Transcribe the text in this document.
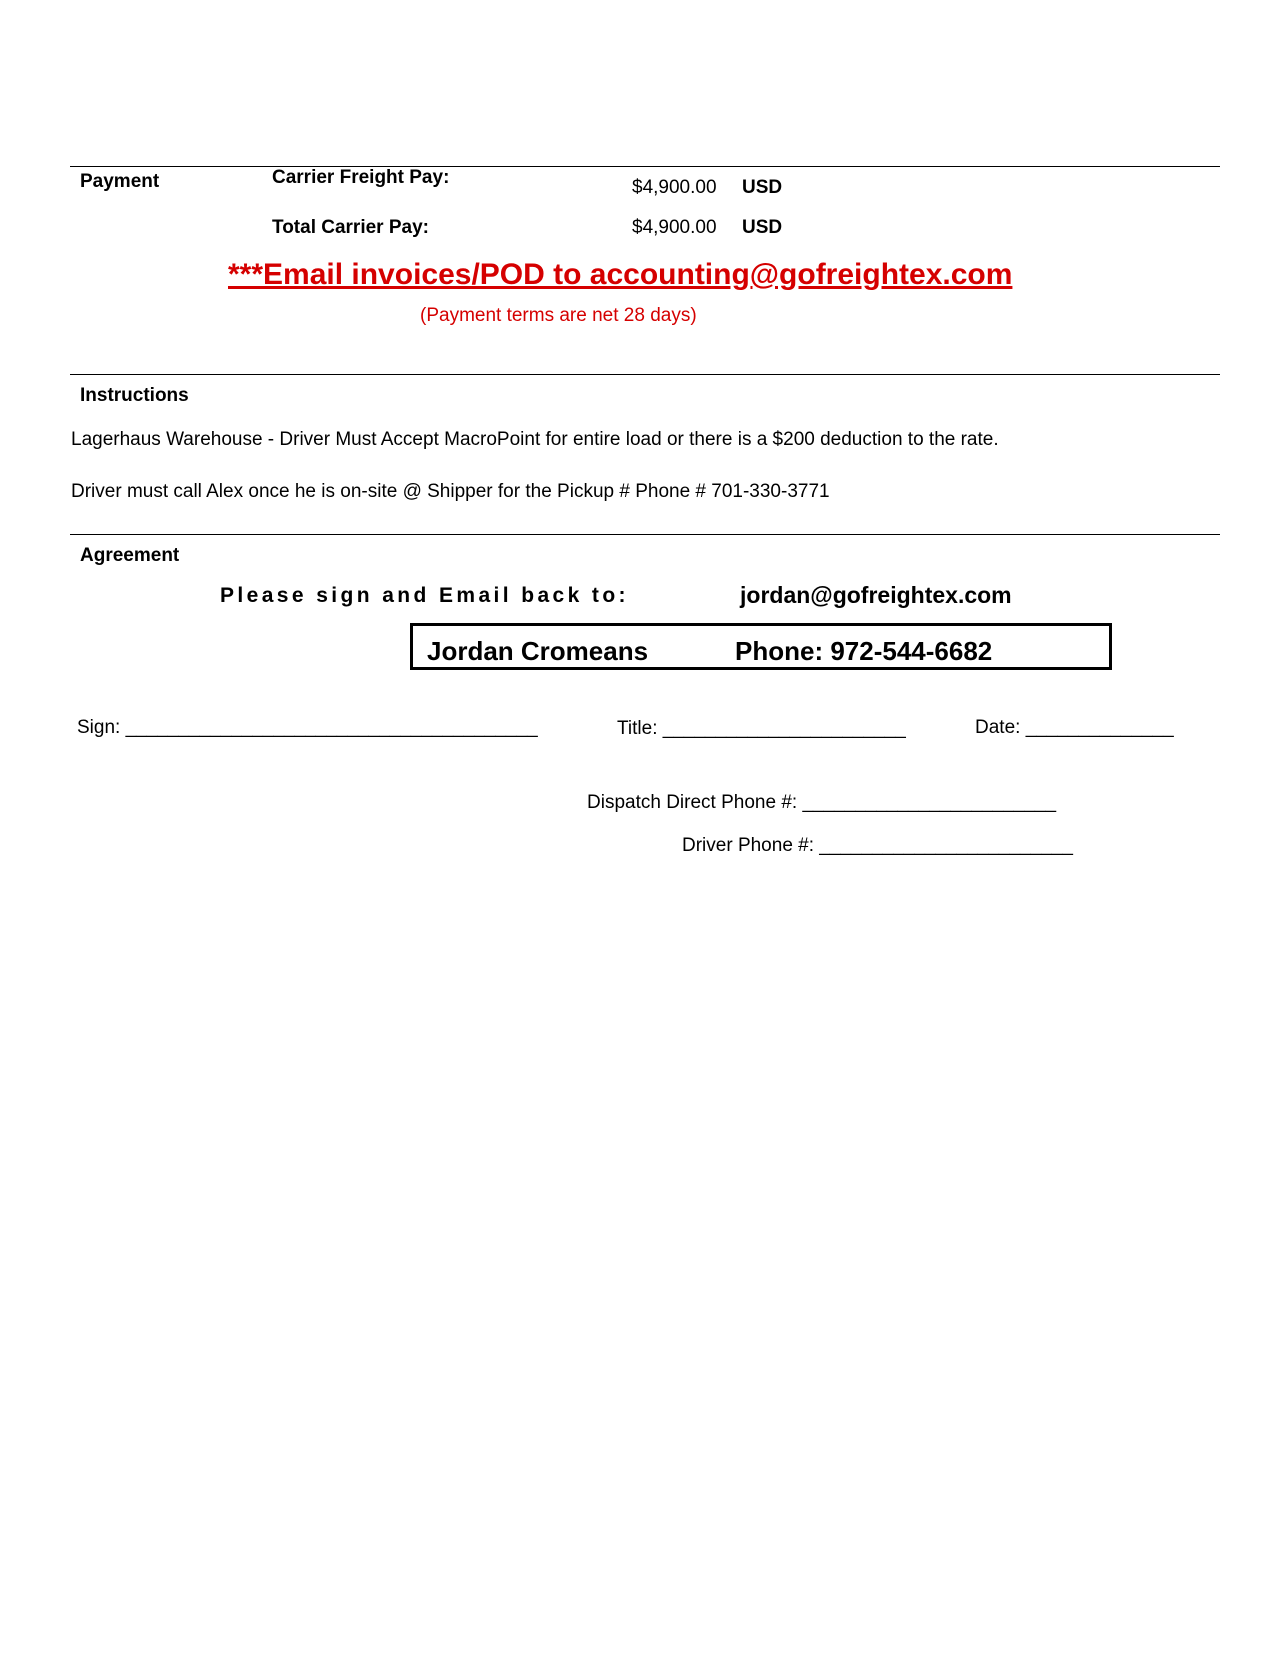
Payment	Carrier Freight Pay:	$4,900.00 USD
Total Carrier Pay:	$4,900.00 USD
***Email invoices/POD to accounting@gofreightex.com
(Payment terms are net 28 days)
Instructions
Lagerhaus Warehouse - Driver Must Accept MacroPoint for entire load or there is a $200 deduction to the rate.
Driver must call Alex once he is on-site @ Shipper for the Pickup # Phone # 701-330-3771
Agreement
Please sign and Email back to:	jordan@gofreightex.com
Jordan Cromeans	Phone: 972-544-6682
Sign: _______________________________________	Title: _______________________	Date: ______________
Dispatch Direct Phone #: ________________________
Driver Phone #: ________________________
